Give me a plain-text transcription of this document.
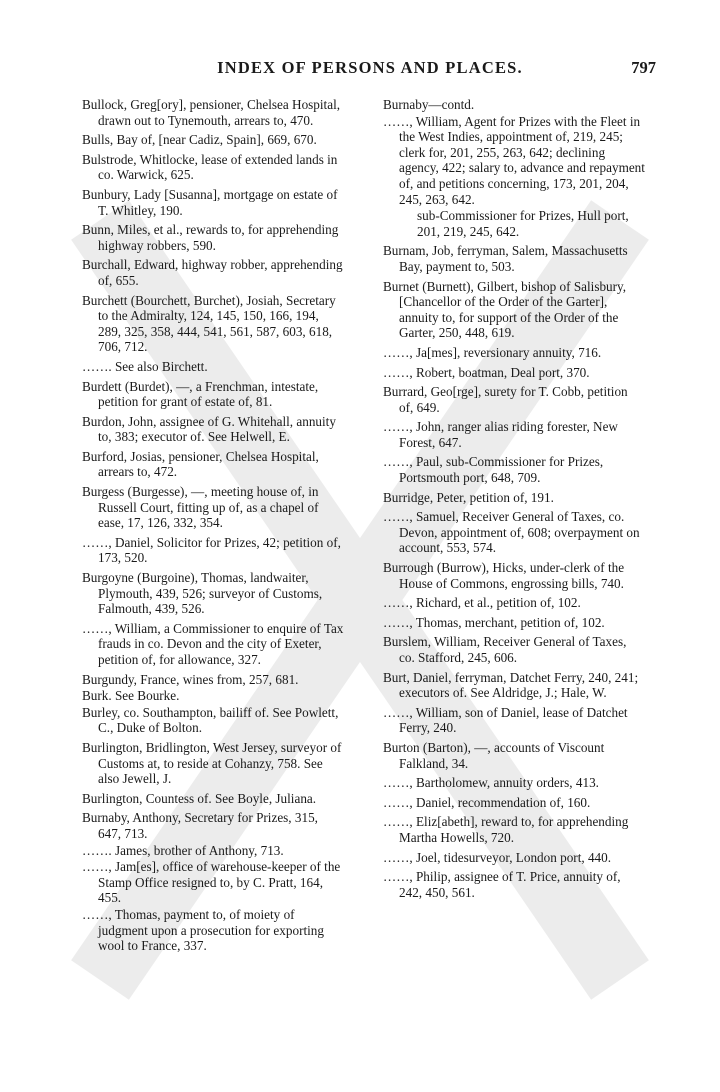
INDEX OF PERSONS AND PLACES.	797
Bullock, Greg[ory], pensioner, Chelsea Hospital, drawn out to Tynemouth, arrears to, 470.
Bulls, Bay of, [near Cadiz, Spain], 669, 670.
Bulstrode, Whitlocke, lease of extended lands in co. Warwick, 625.
Bunbury, Lady [Susanna], mortgage on estate of T. Whitley, 190.
Bunn, Miles, et al., rewards to, for apprehending highway robbers, 590.
Burchall, Edward, highway robber, apprehending of, 655.
Burchett (Bourchett, Burchet), Josiah, Secretary to the Admiralty, 124, 145, 150, 166, 194, 289, 325, 358, 444, 541, 561, 587, 603, 618, 706, 712.
……. See also Birchett.
Burdett (Burdet), —, a Frenchman, intestate, petition for grant of estate of, 81.
Burdon, John, assignee of G. Whitehall, annuity to, 383; executor of. See Helwell, E.
Burford, Josias, pensioner, Chelsea Hospital, arrears to, 472.
Burgess (Burgesse), —, meeting house of, in Russell Court, fitting up of, as a chapel of ease, 17, 126, 332, 354.
……, Daniel, Solicitor for Prizes, 42; petition of, 173, 520.
Burgoyne (Burgoine), Thomas, landwaiter, Plymouth, 439, 526; surveyor of Customs, Falmouth, 439, 526.
……, William, a Commissioner to enquire of Tax frauds in co. Devon and the city of Exeter, petition of, for allowance, 327.
Burgundy, France, wines from, 257, 681.
Burk. See Bourke.
Burley, co. Southampton, bailiff of. See Powlett, C., Duke of Bolton.
Burlington, Bridlington, West Jersey, surveyor of Customs at, to reside at Cohanzy, 758. See also Jewell, J.
Burlington, Countess of. See Boyle, Juliana.
Burnaby, Anthony, Secretary for Prizes, 315, 647, 713.
……. James, brother of Anthony, 713.
……, Jam[es], office of warehouse-keeper of the Stamp Office resigned to, by C. Pratt, 164, 455.
……, Thomas, payment to, of moiety of judgment upon a prosecution for exporting wool to France, 337.
Burnaby—contd.
……, William, Agent for Prizes with the Fleet in the West Indies, appointment of, 219, 245; clerk for, 201, 255, 263, 642; declining agency, 422; salary to, advance and repayment of, and petitions concerning, 173, 201, 204, 245, 263, 642.
sub-Commissioner for Prizes, Hull port, 201, 219, 245, 642.
Burnam, Job, ferryman, Salem, Massachusetts Bay, payment to, 503.
Burnet (Burnett), Gilbert, bishop of Salisbury, [Chancellor of the Order of the Garter], annuity to, for support of the Order of the Garter, 250, 448, 619.
……, Ja[mes], reversionary annuity, 716.
……, Robert, boatman, Deal port, 370.
Burrard, Geo[rge], surety for T. Cobb, petition of, 649.
……, John, ranger alias riding forester, New Forest, 647.
……, Paul, sub-Commissioner for Prizes, Portsmouth port, 648, 709.
Burridge, Peter, petition of, 191.
……, Samuel, Receiver General of Taxes, co. Devon, appointment of, 608; overpayment on account, 553, 574.
Burrough (Burrow), Hicks, under-clerk of the House of Commons, engrossing bills, 740.
……, Richard, et al., petition of, 102.
……, Thomas, merchant, petition of, 102.
Burslem, William, Receiver General of Taxes, co. Stafford, 245, 606.
Burt, Daniel, ferryman, Datchet Ferry, 240, 241; executors of. See Aldridge, J.; Hale, W.
……, William, son of Daniel, lease of Datchet Ferry, 240.
Burton (Barton), —, accounts of Viscount Falkland, 34.
……, Bartholomew, annuity orders, 413.
……, Daniel, recommendation of, 160.
……, Eliz[abeth], reward to, for apprehending Martha Howells, 720.
……, Joel, tidesurveyor, London port, 440.
……, Philip, assignee of T. Price, annuity of, 242, 450, 561.
